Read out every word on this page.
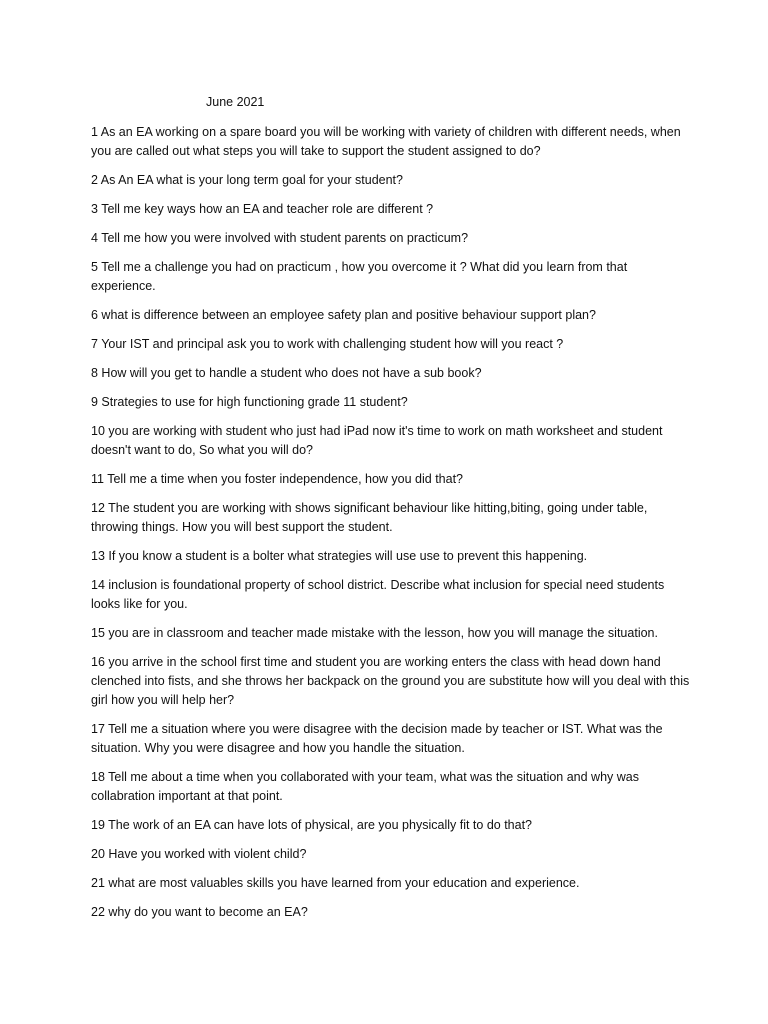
June 2021

1 As an EA working on a spare board you will be working with variety of children with different needs, when you are called out what steps you will take to support the student assigned to do?
2 As An EA what is your long term goal for your student?
3 Tell me key ways how an EA and teacher role are different ?
4 Tell me how you were involved with student parents on practicum?
5 Tell me a challenge you had on practicum , how you overcome it ? What did you learn from that experience.
6 what is difference between an employee safety plan and positive behaviour support plan?
7 Your IST and principal ask you to work with challenging student how will you react ?
8 How will you get to handle a student who does not have a sub book?
9 Strategies to use for high functioning grade 11 student?
10 you are working with student who just had iPad now it's time to work on math worksheet and student doesn't want to do, So what you will do?
11 Tell me a time when you foster independence, how you did that?
12 The student you are working with shows significant behaviour like hitting,biting, going under table, throwing things. How you will best support the student.
13 If you know a student is a bolter what strategies will use use to prevent this happening.
14 inclusion is foundational property of school district. Describe what inclusion for special need students looks like for you.
15 you are in classroom and teacher made mistake with the lesson, how you will manage the situation.
16 you arrive in the school first time and student you are working enters the class with head down hand clenched into fists, and she throws her backpack on the ground you are substitute how will you deal with this girl how you will help her?
17 Tell me a situation where you were disagree with the decision made by teacher or IST. What was the situation. Why you were disagree and how you handle the situation.
18 Tell me about a time when you collaborated with your team, what was the situation and why was collabration important at that point.
19 The work of an EA can have lots of physical, are you physically fit to do that?
20 Have you worked with violent child?
21 what are most valuables skills you have learned from your education and experience.
22 why do you want to become an EA?
